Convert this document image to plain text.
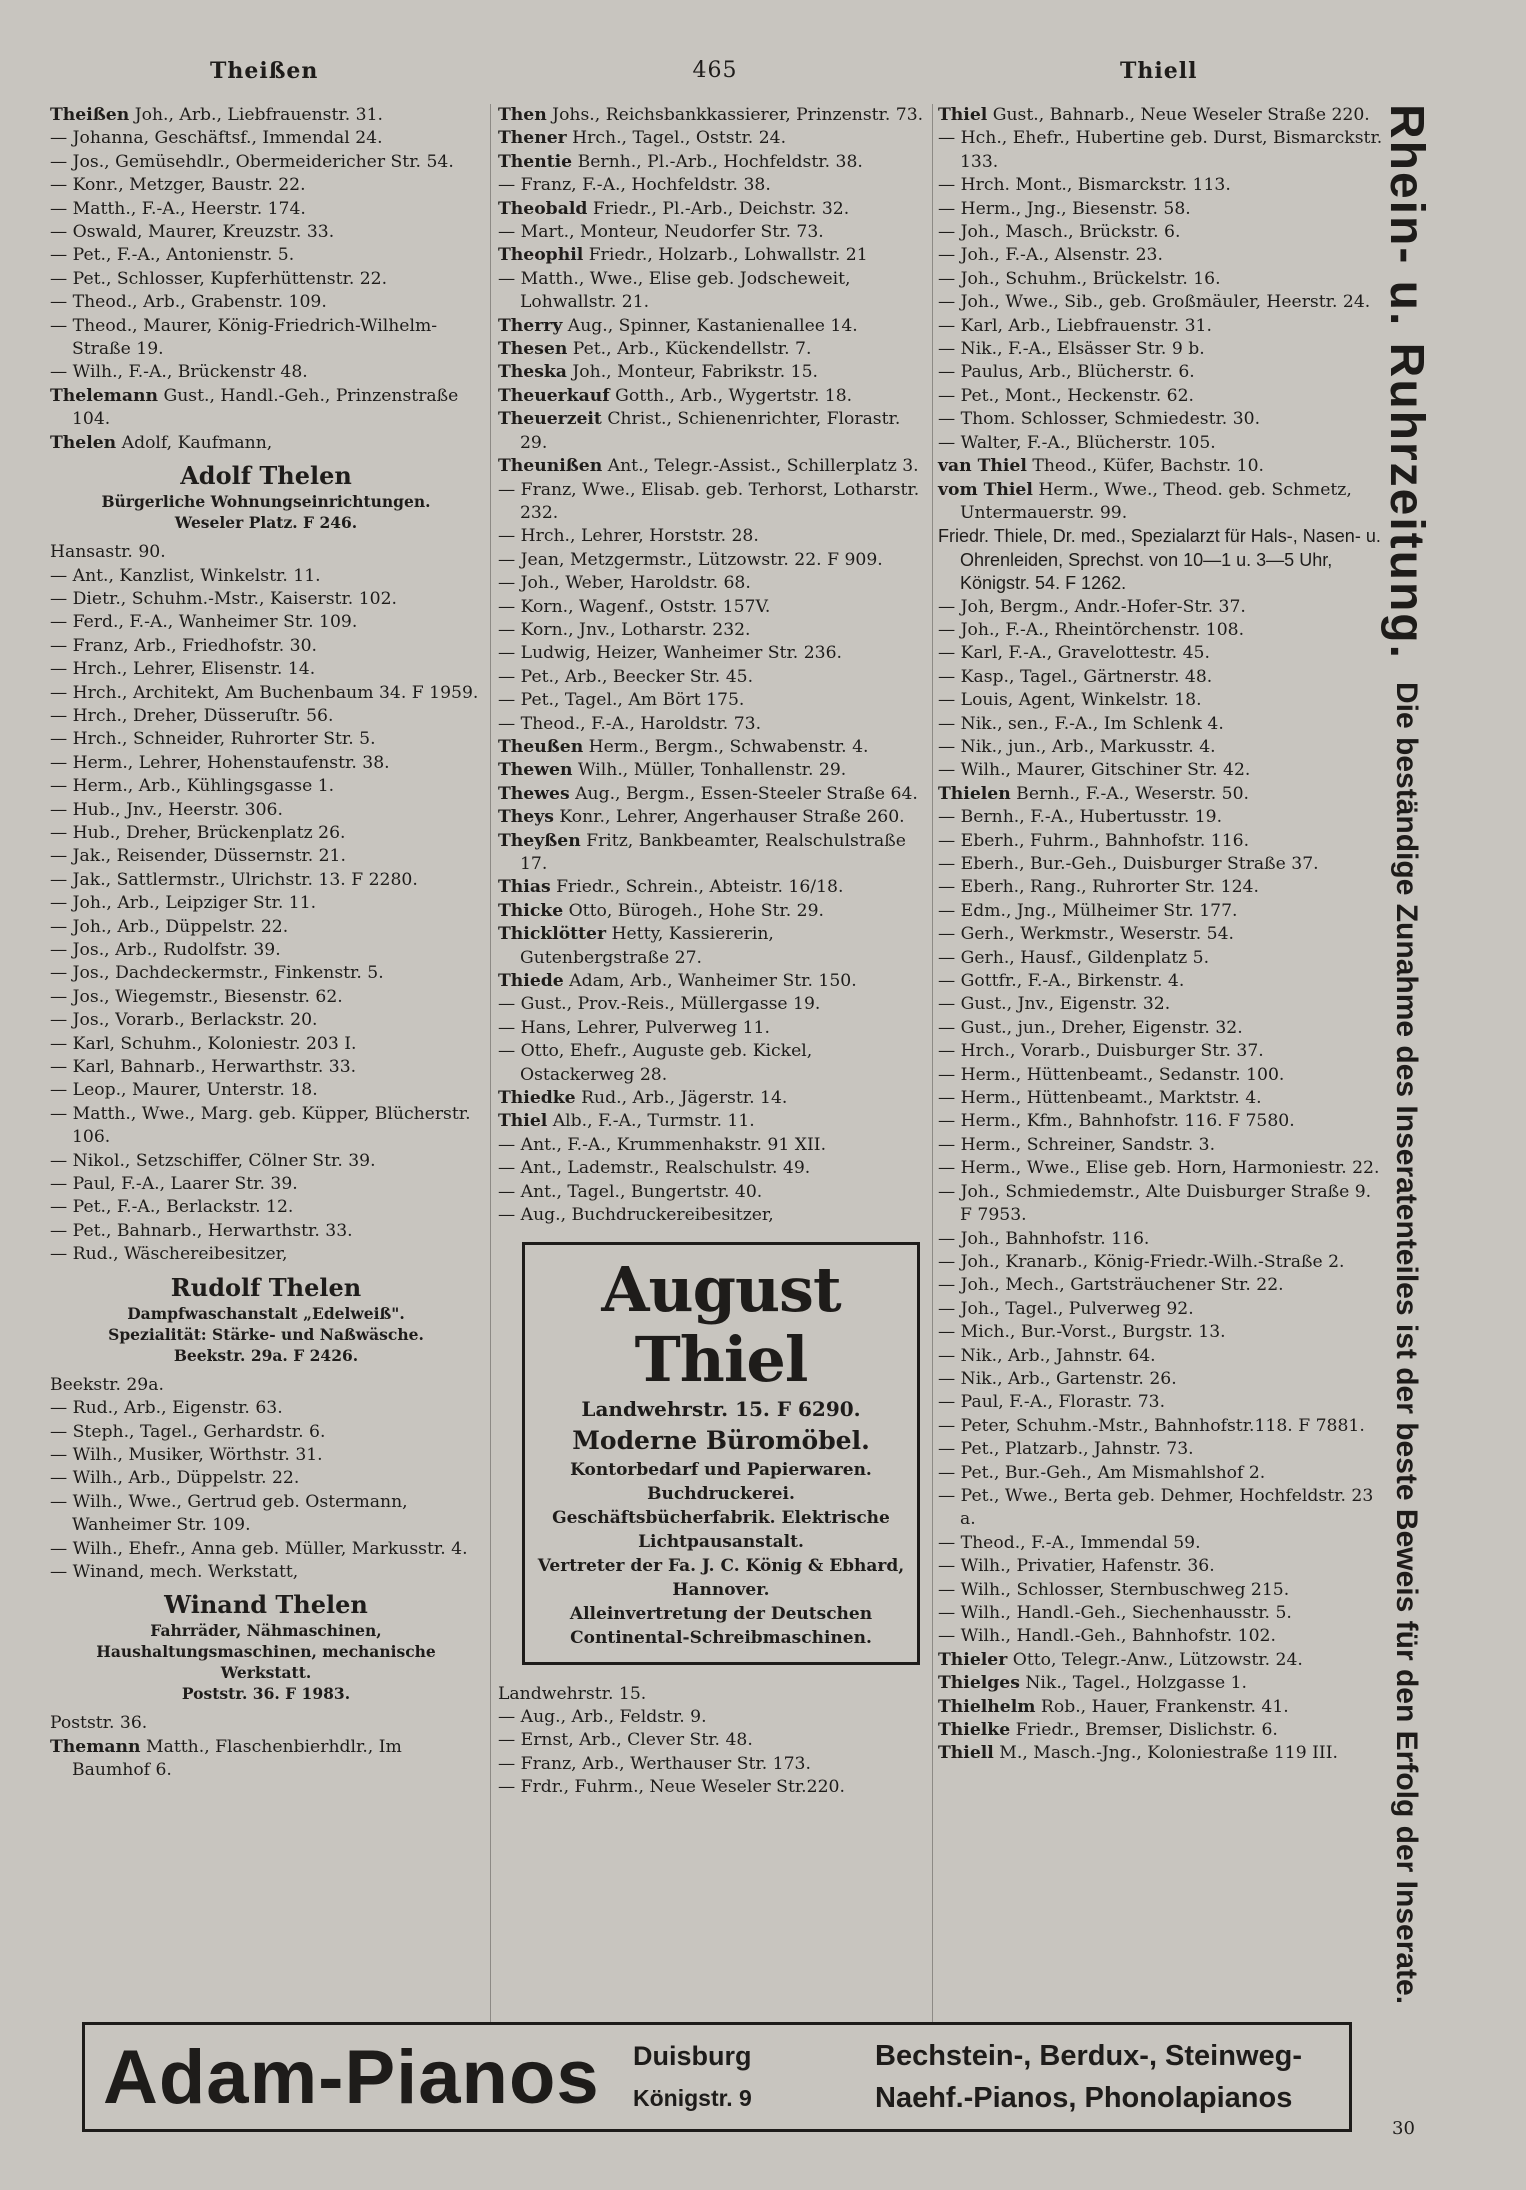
Theißen	465	Thiell
Theißen Joh., Arb., Liebfrauenstr. 31.
— Johanna, Geschäftsf., Immendal 24.
— Jos., Gemüsehdlr., Obermeidericher Str. 54.
— Konr., Metzger, Baustr. 22.
— Matth., F.-A., Heerstr. 174.
— Oswald, Maurer, Kreuzstr. 33.
— Pet., F.-A., Antonienstr. 5.
— Pet., Schlosser, Kupferhüttenstr. 22.
— Theod., Arb., Grabenstr. 109.
— Theod., Maurer, König-Friedrich-Wilhelm-Straße 19.
— Wilh., F.-A., Brückenstr 48.
Thelemann Gust., Handl.-Geh., Prinzenstraße 104.
Thelen Adolf, Kaufmann,
Adolf Thelen
Bürgerliche Wohnungseinrichtungen.
Weseler Platz. F 246.
Hansastr. 90.
— Ant., Kanzlist, Winkelstr. 11.
— Dietr., Schuhm.-Mstr., Kaiserstr. 102.
— Ferd., F.-A., Wanheimer Str. 109.
— Franz, Arb., Friedhofstr. 30.
— Hrch., Lehrer, Elisenstr. 14.
— Hrch., Architekt, Am Buchenbaum 34. F 1959.
— Hrch., Dreher, Düsseruſtr. 56.
— Hrch., Schneider, Ruhrorter Str. 5.
— Herm., Lehrer, Hohenstaufenstr. 38.
— Herm., Arb., Kühlingsgasse 1.
— Hub., Jnv., Heerstr. 306.
— Hub., Dreher, Brückenplatz 26.
— Jak., Reisender, Düssernstr. 21.
— Jak., Sattlermstr., Ulrichstr. 13. F 2280.
— Joh., Arb., Leipziger Str. 11.
— Joh., Arb., Düppelstr. 22.
— Jos., Arb., Rudolfstr. 39.
— Jos., Dachdeckermstr., Finkenstr. 5.
— Jos., Wiegemstr., Biesenstr. 62.
— Jos., Vorarb., Berlackstr. 20.
— Karl, Schuhm., Koloniestr. 203 I.
— Karl, Bahnarb., Herwarthstr. 33.
— Leop., Maurer, Unterstr. 18.
— Matth., Wwe., Marg. geb. Küpper, Blücherstr. 106.
— Nikol., Setzschiffer, Cölner Str. 39.
— Paul, F.-A., Laarer Str. 39.
— Pet., F.-A., Berlackstr. 12.
— Pet., Bahnarb., Herwarthstr. 33.
— Rud., Wäschereibesitzer,
Rudolf Thelen
Dampfwaschanstalt „Edelweiß".
Spezialität: Stärke- und Naßwäsche.
Beekstr. 29a. F 2426.
Beekstr. 29a.
— Rud., Arb., Eigenstr. 63.
— Steph., Tagel., Gerhardstr. 6.
— Wilh., Musiker, Wörthstr. 31.
— Wilh., Arb., Düppelstr. 22.
— Wilh., Wwe., Gertrud geb. Ostermann, Wanheimer Str. 109.
— Wilh., Ehefr., Anna geb. Müller, Markusstr. 4.
— Winand, mech. Werkstatt,
Winand Thelen
Fahrräder, Nähmaschinen, Haushaltungsmaschinen, mechanische Werkstatt.
Poststr. 36. F 1983.
Poststr. 36.
Themann Matth., Flaschenbierhdlr., Im Baumhof 6.
Then Johs., Reichsbankkassierer, Prinzenstr. 73.
Thener Hrch., Tagel., Oststr. 24.
Thentie Bernh., Pl.-Arb., Hochfeldstr. 38.
— Franz, F.-A., Hochfeldstr. 38.
Theobald Friedr., Pl.-Arb., Deichstr. 32.
— Mart., Monteur, Neudorfer Str. 73.
Theophil Friedr., Holzarb., Lohwallstr. 21
— Matth., Wwe., Elise geb. Jodscheweit, Lohwallstr. 21.
Therry Aug., Spinner, Kastanienallee 14.
Thesen Pet., Arb., Kückendellstr. 7.
Theska Joh., Monteur, Fabrikstr. 15.
Theuerkauf Gotth., Arb., Wygertstr. 18.
Theuerzeit Christ., Schienenrichter, Florastr. 29.
Theunißen Ant., Telegr.-Assist., Schillerplatz 3.
— Franz, Wwe., Elisab. geb. Terhorst, Lotharstr. 232.
— Hrch., Lehrer, Horststr. 28.
— Jean, Metzgermstr., Lützowstr. 22. F 909.
— Joh., Weber, Haroldstr. 68.
— Korn., Wagenf., Oststr. 157V.
— Korn., Jnv., Lotharstr. 232.
— Ludwig, Heizer, Wanheimer Str. 236.
— Pet., Arb., Beecker Str. 45.
— Pet., Tagel., Am Bört 175.
— Theod., F.-A., Haroldstr. 73.
Theußen Herm., Bergm., Schwabenstr. 4.
Thewen Wilh., Müller, Tonhallenstr. 29.
Thewes Aug., Bergm., Essen-Steeler Straße 64.
Theys Konr., Lehrer, Angerhauser Straße 260.
Theyßen Fritz, Bankbeamter, Realschulstraße 17.
Thias Friedr., Schrein., Abteistr. 16/18.
Thicke Otto, Bürogeh., Hohe Str. 29.
Thicklötter Hetty, Kassiererin, Gutenbergstraße 27.
Thiede Adam, Arb., Wanheimer Str. 150.
— Gust., Prov.-Reis., Müllergasse 19.
— Hans, Lehrer, Pulverweg 11.
— Otto, Ehefr., Auguste geb. Kickel, Ostackerweg 28.
Thiedke Rud., Arb., Jägerstr. 14.
Thiel Alb., F.-A., Turmstr. 11.
— Ant., F.-A., Krummenhakstr. 91 XII.
— Ant., Lademstr., Realschulstr. 49.
— Ant., Tagel., Bungertstr. 40.
— Aug., Buchdruckereibesitzer,
August Thiel
Landwehrstr. 15. F 6290.
Moderne Büromöbel.
Kontorbedarf und Papierwaren.
Buchdruckerei.
Geschäftsbücherfabrik. Elektrische Lichtpausanstalt.
Vertreter der Fa. J. C. König & Ebhard, Hannover.
Alleinvertretung der Deutschen Continental-Schreibmaschinen.
Landwehrstr. 15.
— Aug., Arb., Feldstr. 9.
— Ernst, Arb., Clever Str. 48.
— Franz, Arb., Werthauser Str. 173.
— Frdr., Fuhrm., Neue Weseler Str.220.
Thiel Gust., Bahnarb., Neue Weseler Straße 220.
— Hch., Ehefr., Hubertine geb. Durst, Bismarckstr. 133.
— Hrch. Mont., Bismarckstr. 113.
— Herm., Jng., Biesenstr. 58.
— Joh., Masch., Brückstr. 6.
— Joh., F.-A., Alsenstr. 23.
— Joh., Schuhm., Brückelstr. 16.
— Joh., Wwe., Sib., geb. Großmäuler, Heerstr. 24.
— Karl, Arb., Liebfrauenstr. 31.
— Nik., F.-A., Elsässer Str. 9 b.
— Paulus, Arb., Blücherstr. 6.
— Pet., Mont., Heckenstr. 62.
— Thom. Schlosser, Schmiedestr. 30.
— Walter, F.-A., Blücherstr. 105.
van Thiel Theod., Küfer, Bachstr. 10.
vom Thiel Herm., Wwe., Theod. geb. Schmetz, Untermauerstr. 99.
Friedr. Thiele, Dr. med., Spezialarzt für Hals-, Nasen- u. Ohrenleiden, Sprechst. von 10—1 u. 3—5 Uhr, Königstr. 54. F 1262.
— Joh, Bergm., Andr.-Hofer-Str. 37.
— Joh., F.-A., Rheintörchenstr. 108.
— Karl, F.-A., Gravelottestr. 45.
— Kasp., Tagel., Gärtnerstr. 48.
— Louis, Agent, Winkelstr. 18.
— Nik., sen., F.-A., Im Schlenk 4.
— Nik., jun., Arb., Markusstr. 4.
— Wilh., Maurer, Gitschiner Str. 42.
Thielen Bernh., F.-A., Weserstr. 50.
— Bernh., F.-A., Hubertusstr. 19.
— Eberh., Fuhrm., Bahnhofstr. 116.
— Eberh., Bur.-Geh., Duisburger Straße 37.
— Eberh., Rang., Ruhrorter Str. 124.
— Edm., Jng., Mülheimer Str. 177.
— Gerh., Werkmstr., Weserstr. 54.
— Gerh., Hausf., Gildenplatz 5.
— Gottfr., F.-A., Birkenstr. 4.
— Gust., Jnv., Eigenstr. 32.
— Gust., jun., Dreher, Eigenstr. 32.
— Hrch., Vorarb., Duisburger Str. 37.
— Herm., Hüttenbeamt., Sedanstr. 100.
— Herm., Hüttenbeamt., Marktstr. 4.
— Herm., Kfm., Bahnhofstr. 116. F 7580.
— Herm., Schreiner, Sandstr. 3.
— Herm., Wwe., Elise geb. Horn, Harmoniestr. 22.
— Joh., Schmiedemstr., Alte Duisburger Straße 9. F 7953.
— Joh., Bahnhofstr. 116.
— Joh., Kranarb., König-Friedr.-Wilh.-Straße 2.
— Joh., Mech., Gartsträuchener Str. 22.
— Joh., Tagel., Pulverweg 92.
— Mich., Bur.-Vorst., Burgstr. 13.
— Nik., Arb., Jahnstr. 64.
— Nik., Arb., Gartenstr. 26.
— Paul, F.-A., Florastr. 73.
— Peter, Schuhm.-Mstr., Bahnhofstr.118. F 7881.
— Pet., Platzarb., Jahnstr. 73.
— Pet., Bur.-Geh., Am Mismahlshof 2.
— Pet., Wwe., Berta geb. Dehmer, Hochfeldstr. 23 a.
— Theod., F.-A., Immendal 59.
— Wilh., Privatier, Hafenstr. 36.
— Wilh., Schlosser, Sternbuschweg 215.
— Wilh., Handl.-Geh., Siechenhausstr. 5.
— Wilh., Handl.-Geh., Bahnhofstr. 102.
Thieler Otto, Telegr.-Anw., Lützowstr. 24.
Thielges Nik., Tagel., Holzgasse 1.
Thielhelm Rob., Hauer, Frankenstr. 41.
Thielke Friedr., Bremser, Dislichstr. 6.
Thiell M., Masch.-Jng., Koloniestraße 119 III.
Rhein- u. Ruhrzeitung. Die beständige Zunahme des Inseratenteiles ist der beste Beweis für den Erfolg der Inserate.
Adam-Pianos Duisburg
Königstr. 9
Bechstein-, Berdux-, Steinweg-
Naehf.-Pianos, Phonolapianos
30
